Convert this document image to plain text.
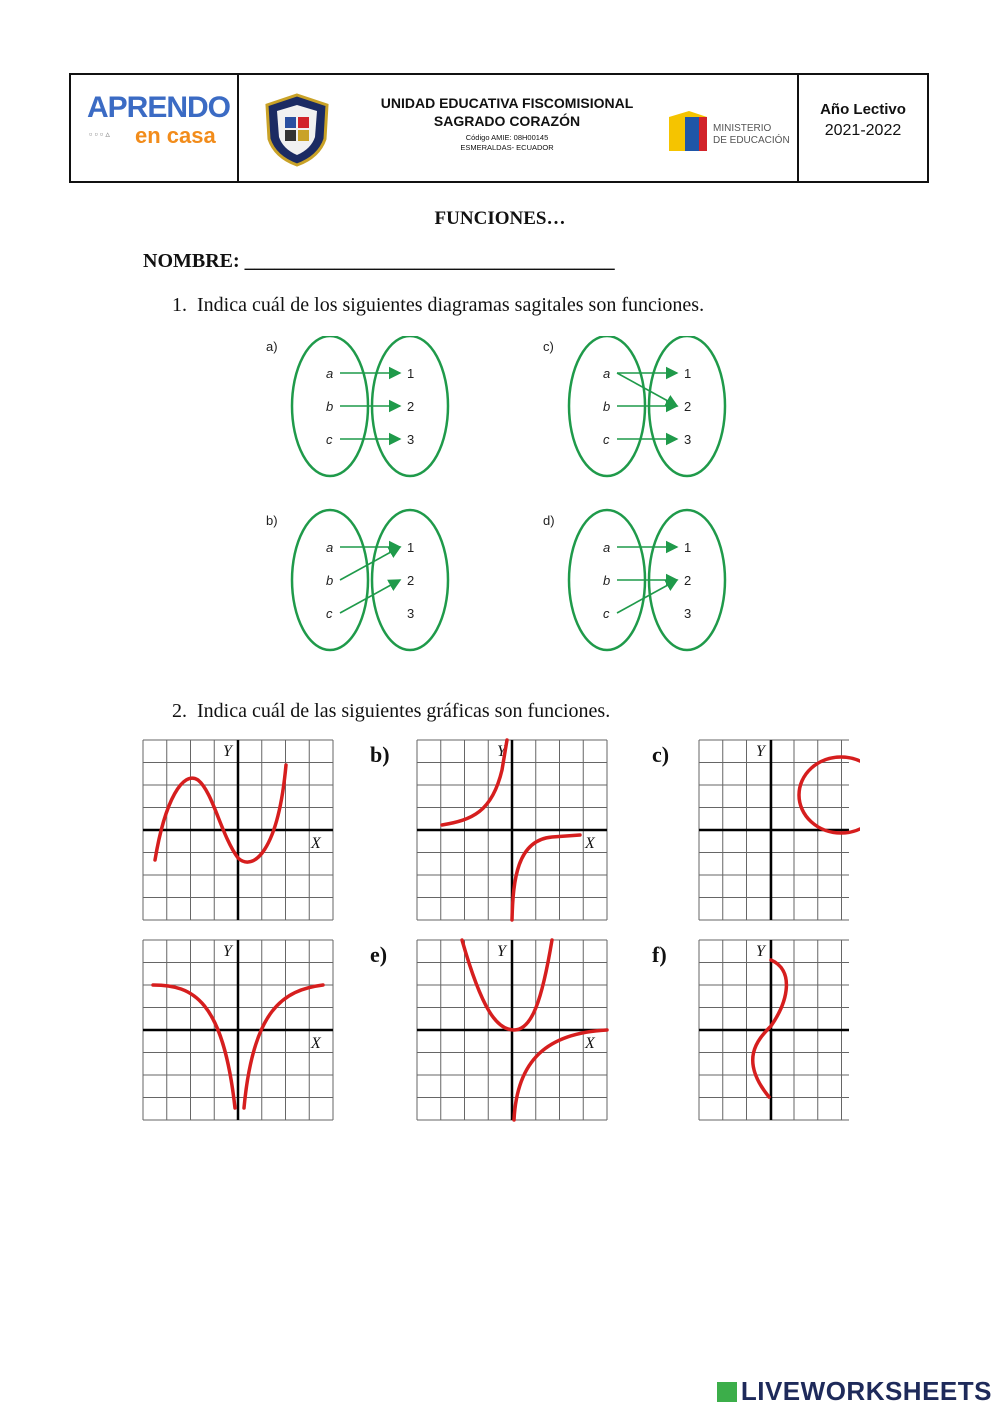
APRENDO
▫ ▫ ▫ ▵ en casa
UNIDAD EDUCATIVA FISCOMISIONAL
SAGRADO CORAZÓN
Código AMIE: 08H00145
ESMERALDAS- ECUADOR
MINISTERIO
DE EDUCACIÓN
Año Lectivo
2021-2022
FUNCIONES…
NOMBRE: _____________________________________
1. Indica cuál de los siguientes diagramas sagitales son funciones.
a)
a
b
c
1
2
3
c)
a
b
c
1
2
3
b)
a
b
c
1
2
3
d)
a
b
c
1
2
3
2. Indica cuál de las siguientes gráficas son funciones.
Y
X
b)	Y
X
c)	Y
Y
X
e)	Y
X
f)	Y
LIVEWORKSHEETS
